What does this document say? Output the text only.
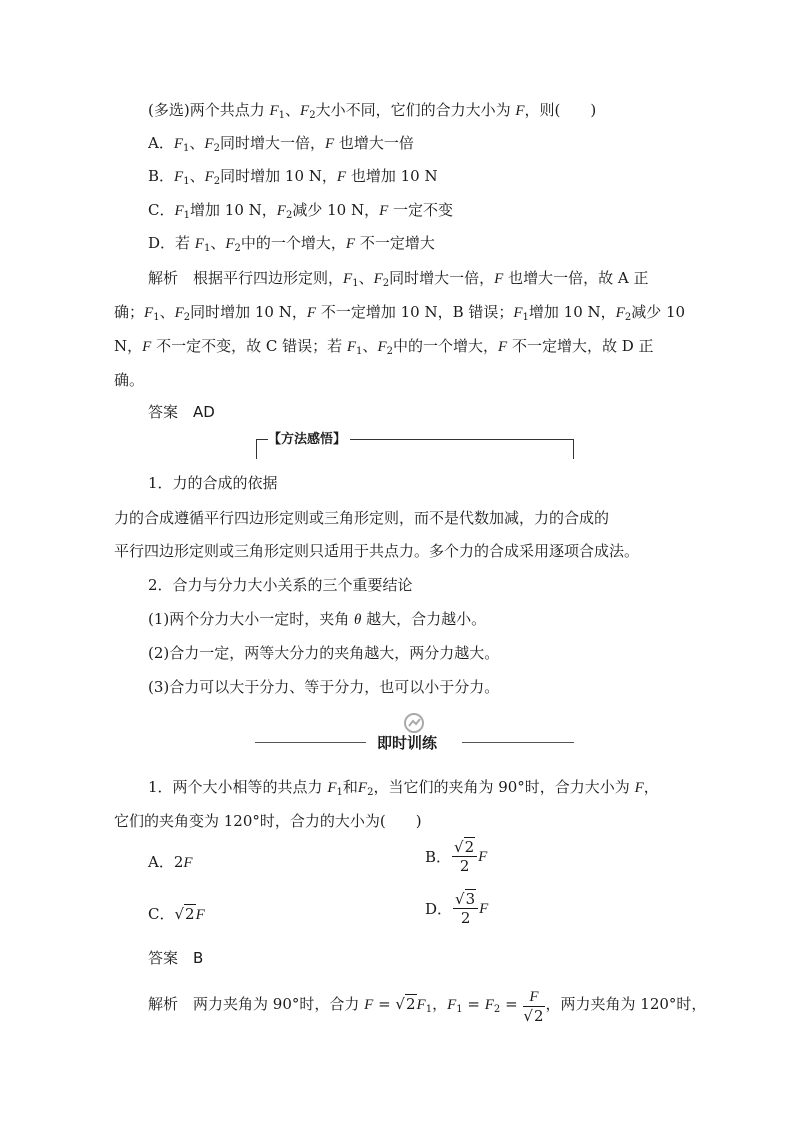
(多选)两个共点力 $F_1$、$F_2$大小不同，它们的合力大小为 F，则(　　)
A．$F_1$、$F_2$同时增大一倍，F 也增大一倍
B．$F_1$、$F_2$同时增加 10 N，F 也增加 10 N
C．$F_1$增加 10 N，$F_2$减少 10 N，F 一定不变
D．若 $F_1$、$F_2$中的一个增大，F 不一定增大
解析　根据平行四边形定则，$F_1$、$F_2$同时增大一倍，F 也增大一倍，故 A 正
确；$F_1$、$F_2$同时增加 10 N，F 不一定增加 10 N，B 错误；$F_1$增加 10 N，$F_2$减少 10
N，F 不一定不变，故 C 错误；若 $F_1$、$F_2$中的一个增大，F 不一定增大，故 D 正
确。
答案　 AD
【方法感悟】
1．力的合成的依据
力的合成遵循平行四边形定则或三角形定则，而不是代数加减，力的合成的
平行四边形定则或三角形定则只适用于共点力。多个力的合成采用逐项合成法。
2．合力与分力大小关系的三个重要结论
(1)两个分力大小一定时，夹角 θ 越大，合力越小。
(2)合力一定，两等大分力的夹角越大，两分力越大。
(3)合力可以大于分力、等于分力，也可以小于分力。
即时训练
1．两个大小相等的共点力 $F_1$和$F_2$，当它们的夹角为 90°时，合力大小为 F，
它们的夹角变为 120°时，合力的大小为(　　)
A．2F	B． $\frac{√2}{2}$ F
C．√2F	D． $\frac{√3}{2}$ F
答案　 B
解析　两力夹角为 90°时，合力 $F = √2F_1$，$F_1 = F_2 = \frac{F}{√2}$ ，两力夹角为 120°时，
